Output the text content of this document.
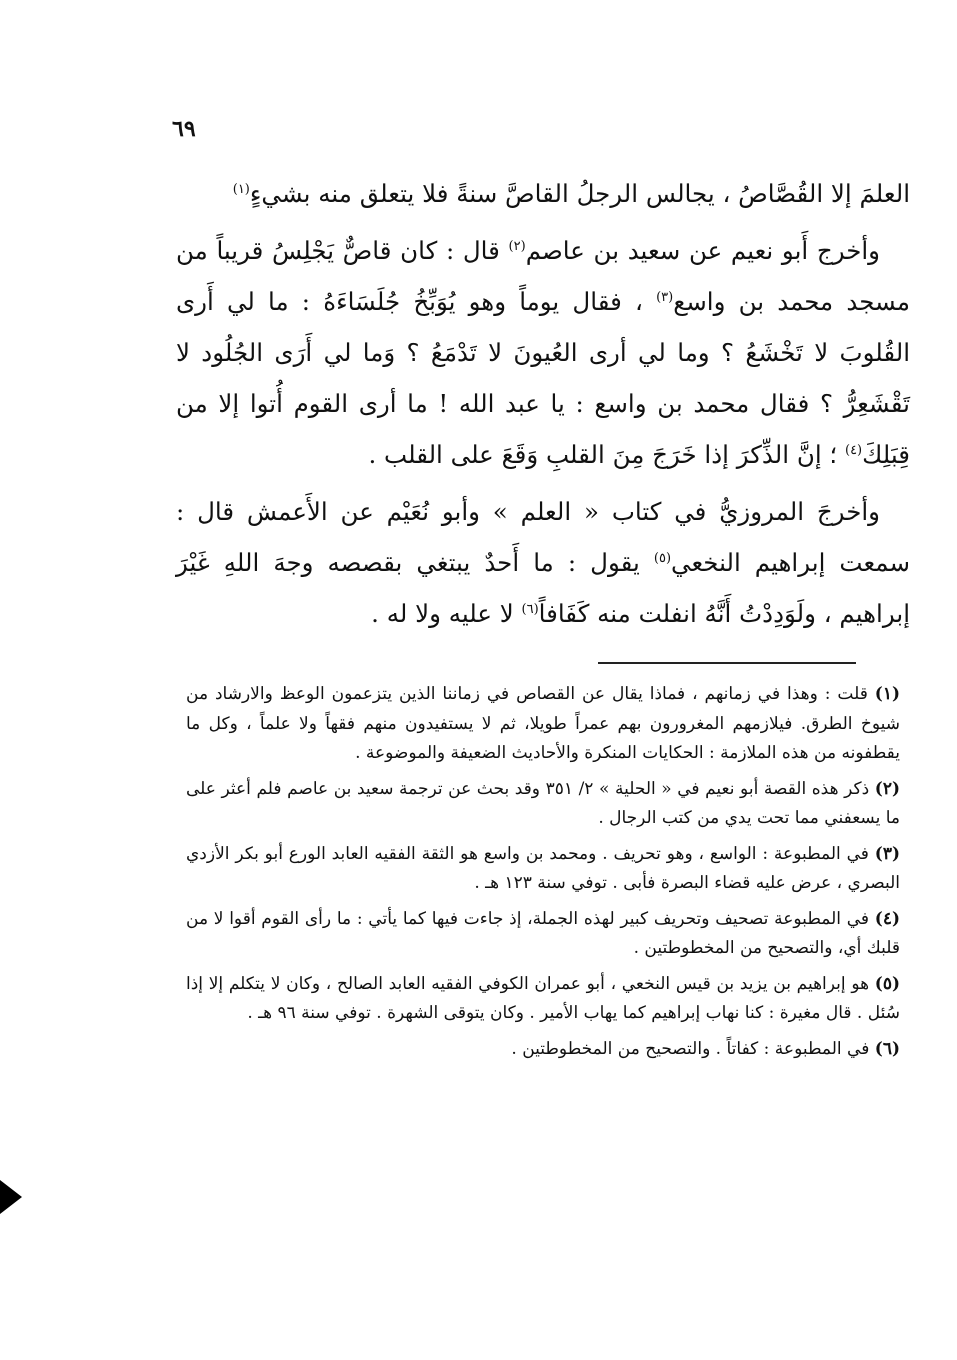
٦٩

العلمَ إلا القُصَّاصُ ، يجالس الرجلُ القاصَّ سنةً فلا يتعلق منه بشيءٍ$^{(١)}$

وأخرج أَبو نعيم عن سعيد بن عاصم$^{(٢)}$ قال : كان قاصٌّ يَجْلِسُ قريباً من مسجد محمد بن واسع$^{(٣)}$ ، فقال يوماً وهو يُوَبِّخُ جُلَسَاءَهُ : ما لي أَرى القُلوبَ لا تَخْشَعُ ؟ وما لي أرى العُيونَ لا تَدْمَعُ ؟ وَما لي أَرَى الجُلُود لا تَقْشَعِرُّ ؟ فقال محمد بن واسع : يا عبد الله ! ما أرى القوم أُتوا إلا من قِبَلِكَ$^{(٤)}$ ؛ إنَّ الذِّكرَ إذا خَرَجَ مِنَ القلبِ وَقَعَ على القلب .

وأخرجَ المروزيُّ في كتاب « العلم » وأبو نُعَيْم عن الأَعمش قال : سمعت إبراهيم النخعي$^{(٥)}$ يقول : ما أَحدٌ يبتغي بقصصه وجهَ اللهِ غَيْرَ إبراهيم ، ولَوَدِدْتُ أَنَّهُ انفلت منه كَفَافاً$^{(٦)}$ لا عليه ولا له .

(١) قلت : وهذا في زمانهم ، فماذا يقال عن القصاص في زماننا الذين يتزعمون الوعظ والارشاد من شيوخ الطرق. فيلازمهم المغرورون بهم عمراً طويلا، ثم لا يستفيدون منهم فقهاً ولا علماً ، وكل ما يقطفونه من هذه الملازمة : الحكايات المنكرة والأحاديث الضعيفة والموضوعة .

(٢) ذكر هذه القصة أبو نعيم في « الحلية » ٢/ ٣٥١ وقد بحث عن ترجمة سعيد بن عاصم فلم أعثر على ما يسعفني مما تحت يدي من كتب الرجال .

(٣) في المطبوعة : الواسع ، وهو تحريف . ومحمد بن واسع هو الثقة الفقيه العابد الورع أبو بكر الأزدي البصري ، عرض عليه قضاء البصرة فأبى . توفي سنة ١٢٣ هـ .

(٤) في المطبوعة تصحيف وتحريف كبير لهذه الجملة، إذ جاءت فيها كما يأتي : ما رأى القوم أقوا لا من قلبك أي، والتصحيح من المخطوطتين .

(٥) هو إبراهيم بن يزيد بن قيس النخعي ، أبو عمران الكوفي الفقيه العابد الصالح ، وكان لا يتكلم إلا إذا سُئل . قال مغيرة : كنا نهاب إبراهيم كما يهاب الأمير . وكان يتوقى الشهرة . توفي سنة ٩٦ هـ .

(٦) في المطبوعة : كفاتاً . والتصحيح من المخطوطتين .
